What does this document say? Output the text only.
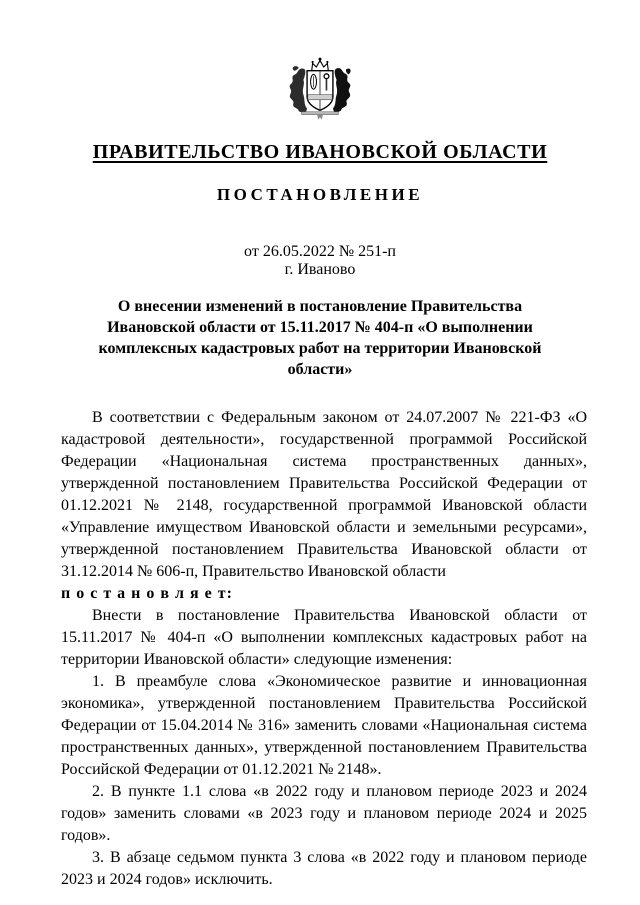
ПРАВИТЕЛЬСТВО ИВАНОВСКОЙ ОБЛАСТИ
ПОСТАНОВЛЕНИЕ
от 26.05.2022 № 251-п
г. Иваново
О внесении изменений в постановление Правительства Ивановской области от 15.11.2017 № 404-п «О выполнении комплексных кадастровых работ на территории Ивановской области»

В соответствии с Федеральным законом от 24.07.2007 № 221-ФЗ «О кадастровой деятельности», государственной программой Российской Федерации «Национальная система пространственных данных», утвержденной постановлением Правительства Российской Федерации от 01.12.2021 № 2148, государственной программой Ивановской области «Управление имуществом Ивановской области и земельными ресурсами», утвержденной постановлением Правительства Ивановской области от 31.12.2014 № 606-п, Правительство Ивановской области
п о с т а н о в л я е т:

Внести в постановление Правительства Ивановской области от 15.11.2017 № 404-п «О выполнении комплексных кадастровых работ на территории Ивановской области» следующие изменения:

1. В преамбуле слова «Экономическое развитие и инновационная экономика», утвержденной постановлением Правительства Российской Федерации от 15.04.2014 № 316» заменить словами «Национальная система пространственных данных», утвержденной постановлением Правительства Российской Федерации от 01.12.2021 № 2148».

2. В пункте 1.1 слова «в 2022 году и плановом периоде 2023 и 2024 годов» заменить словами «в 2023 году и плановом периоде 2024 и 2025 годов».

3. В абзаце седьмом пункта 3 слова «в 2022 году и плановом периоде 2023 и 2024 годов» исключить.
